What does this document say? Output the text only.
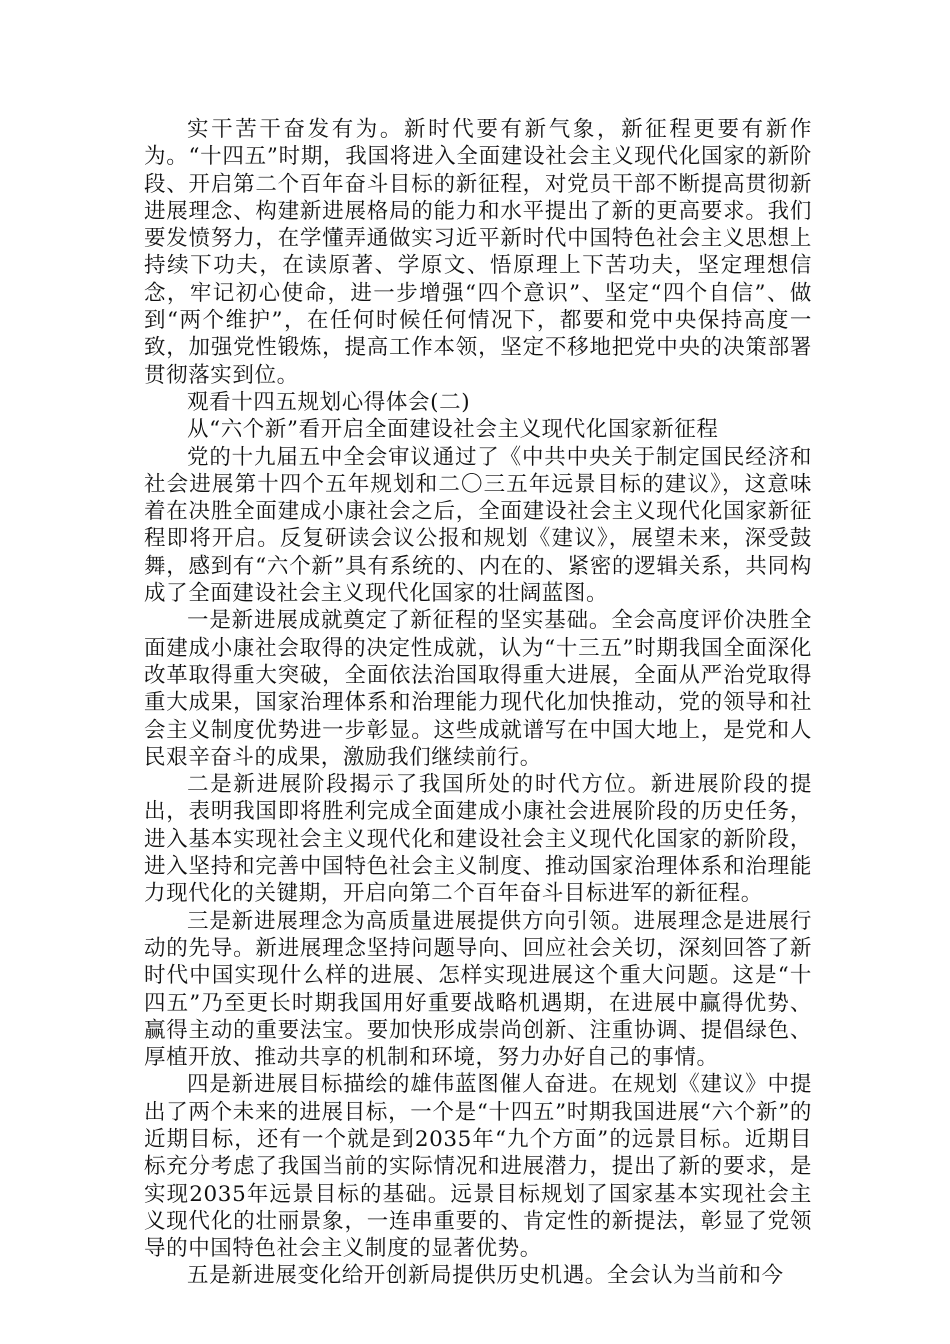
实干苦干奋发有为。新时代要有新气象，新征程更要有新作为。“十四五”时期，我国将进入全面建设社会主义现代化国家的新阶段、开启第二个百年奋斗目标的新征程，对党员干部不断提高贯彻新进展理念、构建新进展格局的能力和水平提出了新的更高要求。我们要发愤努力，在学懂弄通做实习近平新时代中国特色社会主义思想上持续下功夫，在读原著、学原文、悟原理上下苦功夫，坚定理想信念，牢记初心使命，进一步增强“四个意识”、坚定“四个自信”、做到“两个维护”，在任何时候任何情况下，都要和党中央保持高度一致，加强党性锻炼，提高工作本领，坚定不移地把党中央的决策部署贯彻落实到位。

观看十四五规划心得体会(二)

从“六个新”看开启全面建设社会主义现代化国家新征程

党的十九届五中全会审议通过了《中共中央关于制定国民经济和社会进展第十四个五年规划和二〇三五年远景目标的建议》，这意味着在决胜全面建成小康社会之后，全面建设社会主义现代化国家新征程即将开启。反复研读会议公报和规划《建议》，展望未来，深受鼓舞，感到有“六个新”具有系统的、内在的、紧密的逻辑关系，共同构成了全面建设社会主义现代化国家的壮阔蓝图。

一是新进展成就奠定了新征程的坚实基础。全会高度评价决胜全面建成小康社会取得的决定性成就，认为“十三五”时期我国全面深化改革取得重大突破，全面依法治国取得重大进展，全面从严治党取得重大成果，国家治理体系和治理能力现代化加快推动，党的领导和社会主义制度优势进一步彰显。这些成就谱写在中国大地上，是党和人民艰辛奋斗的成果，激励我们继续前行。

二是新进展阶段揭示了我国所处的时代方位。新进展阶段的提出，表明我国即将胜利完成全面建成小康社会进展阶段的历史任务，进入基本实现社会主义现代化和建设社会主义现代化国家的新阶段，进入坚持和完善中国特色社会主义制度、推动国家治理体系和治理能力现代化的关键期，开启向第二个百年奋斗目标进军的新征程。

三是新进展理念为高质量进展提供方向引领。进展理念是进展行动的先导。新进展理念坚持问题导向、回应社会关切，深刻回答了新时代中国实现什么样的进展、怎样实现进展这个重大问题。这是“十四五”乃至更长时期我国用好重要战略机遇期，在进展中赢得优势、赢得主动的重要法宝。要加快形成崇尚创新、注重协调、提倡绿色、厚植开放、推动共享的机制和环境，努力办好自己的事情。

四是新进展目标描绘的雄伟蓝图催人奋进。在规划《建议》中提出了两个未来的进展目标，一个是“十四五”时期我国进展“六个新”的近期目标，还有一个就是到2035年“九个方面”的远景目标。近期目标充分考虑了我国当前的实际情况和进展潜力，提出了新的要求，是实现2035年远景目标的基础。远景目标规划了国家基本实现社会主义现代化的壮丽景象，一连串重要的、肯定性的新提法，彰显了党领导的中国特色社会主义制度的显著优势。

五是新进展变化给开创新局提供历史机遇。全会认为当前和今
